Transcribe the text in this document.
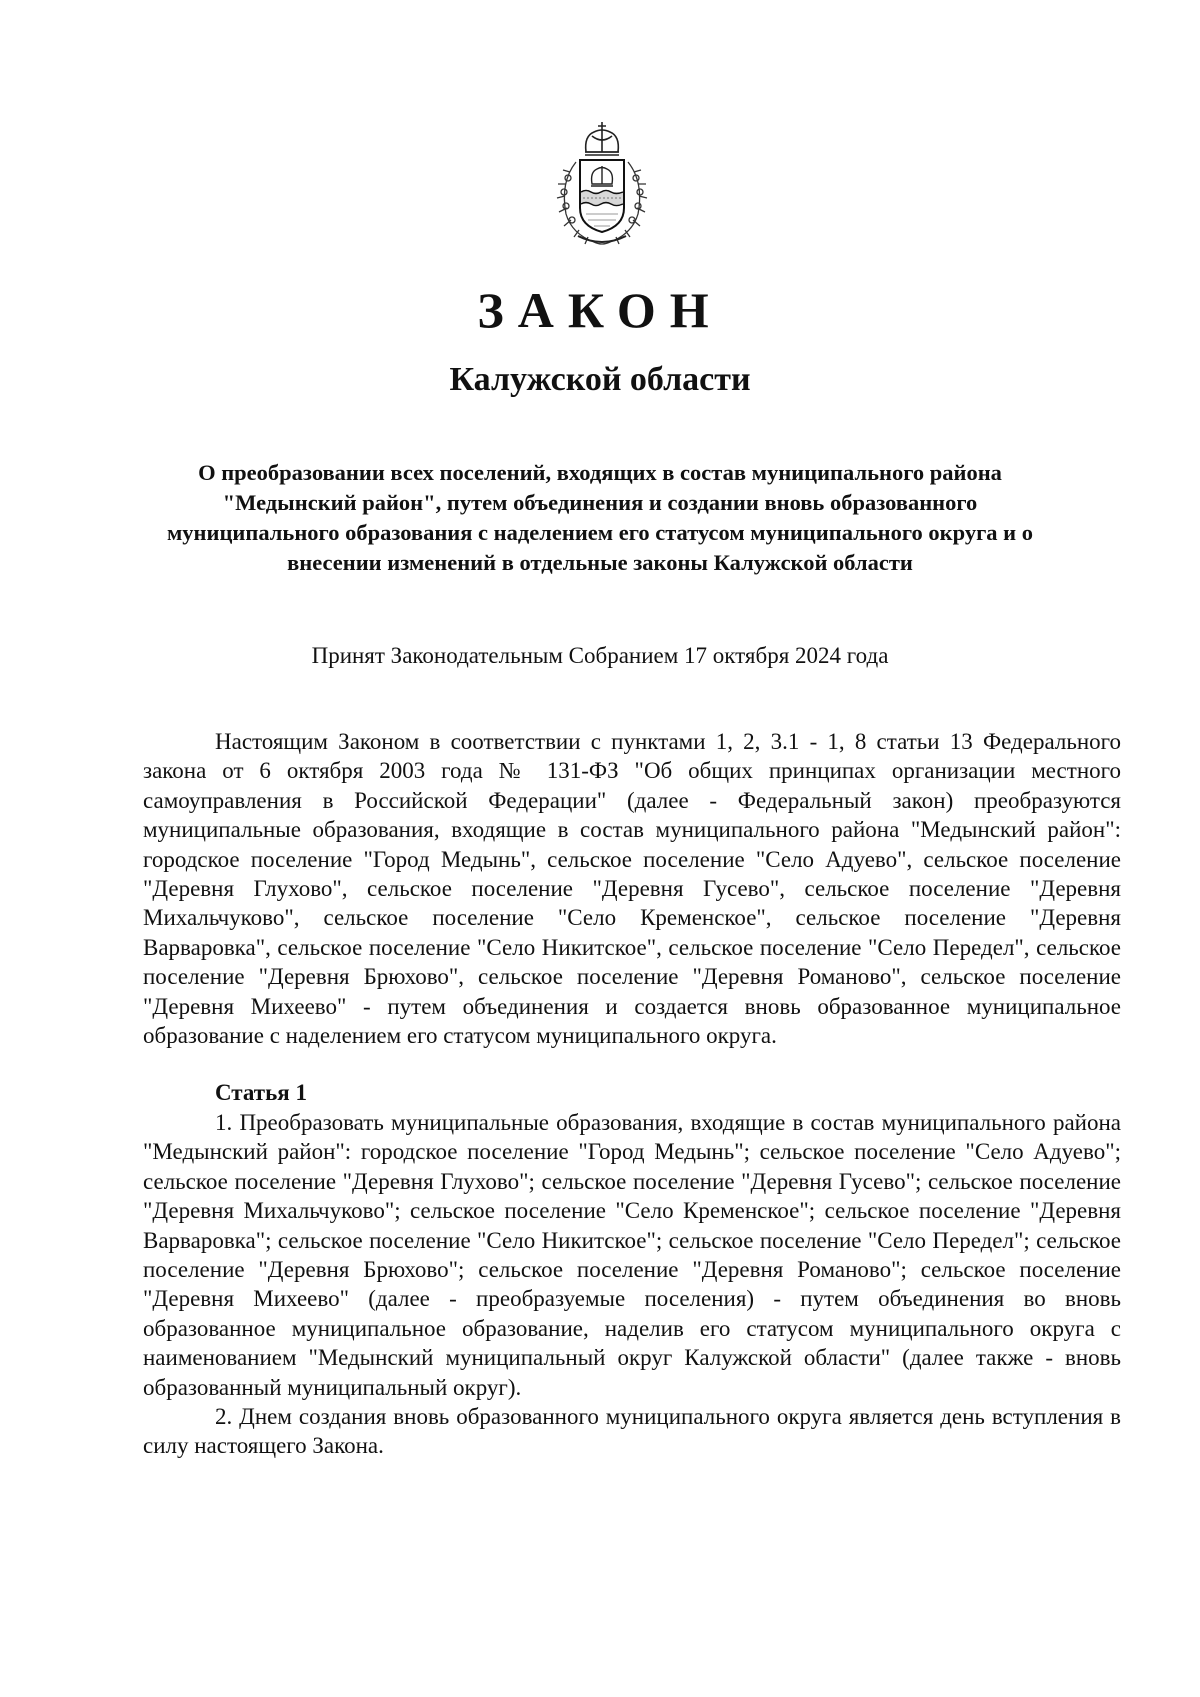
ЗАКОН
Калужской области
О преобразовании всех поселений, входящих в состав муниципального района "Медынский район", путем объединения и создании вновь образованного муниципального образования с наделением его статусом муниципального округа и о внесении изменений в отдельные законы Калужской области
Принят Законодательным Собранием 17 октября 2024 года

Настоящим Законом в соответствии с пунктами 1, 2, 3.1 - 1, 8 статьи 13 Федерального закона от 6 октября 2003 года № 131-ФЗ "Об общих принципах организации местного самоуправления в Российской Федерации" (далее - Федеральный закон) преобразуются муниципальные образования, входящие в состав муниципального района "Медынский район": городское поселение "Город Медынь", сельское поселение "Село Адуево", сельское поселение "Деревня Глухово", сельское поселение "Деревня Гусево", сельское поселение "Деревня Михальчуково", сельское поселение "Село Кременское", сельское поселение "Деревня Варваровка", сельское поселение "Село Никитское", сельское поселение "Село Передел", сельское поселение "Деревня Брюхово", сельское поселение "Деревня Романово", сельское поселение "Деревня Михеево" - путем объединения и создается вновь образованное муниципальное образование с наделением его статусом муниципального округа.

Статья 1

1. Преобразовать муниципальные образования, входящие в состав муниципального района "Медынский район": городское поселение "Город Медынь"; сельское поселение "Село Адуево"; сельское поселение "Деревня Глухово"; сельское поселение "Деревня Гусево"; сельское поселение "Деревня Михальчуково"; сельское поселение "Село Кременское"; сельское поселение "Деревня Варваровка"; сельское поселение "Село Никитское"; сельское поселение "Село Передел"; сельское поселение "Деревня Брюхово"; сельское поселение "Деревня Романово"; сельское поселение "Деревня Михеево" (далее - преобразуемые поселения) - путем объединения во вновь образованное муниципальное образование, наделив его статусом муниципального округа с наименованием "Медынский муниципальный округ Калужской области" (далее также - вновь образованный муниципальный округ).

2. Днем создания вновь образованного муниципального округа является день вступления в силу настоящего Закона.
